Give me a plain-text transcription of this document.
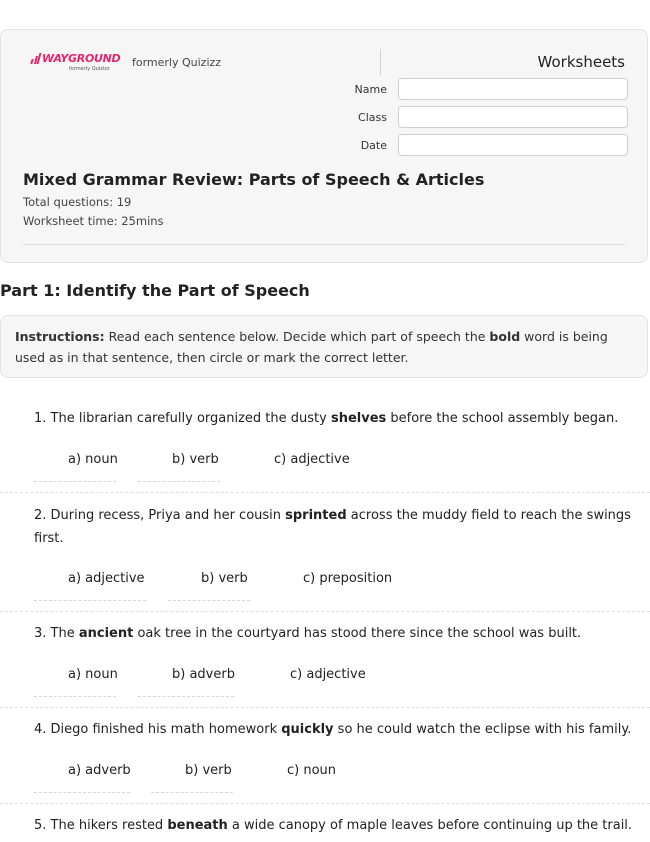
WAYGROUND
formerly Quizizz	formerly Quizizz	Worksheets
Name
Class
Date
Mixed Grammar Review: Parts of Speech & Articles
Total questions: 19
Worksheet time: 25mins
Part 1: Identify the Part of Speech
Instructions: Read each sentence below. Decide which part of speech the bold word is being used as in that sentence, then circle or mark the correct letter.
1. The librarian carefully organized the dusty shelves before the school assembly began.
a) noun	b) verb	c) adjective
2. During recess, Priya and her cousin sprinted across the muddy field to reach the swings first.
a) adjective	b) verb	c) preposition
3. The ancient oak tree in the courtyard has stood there since the school was built.
a) noun	b) adverb	c) adjective
4. Diego finished his math homework quickly so he could watch the eclipse with his family.
a) adverb	b) verb	c) noun
5. The hikers rested beneath a wide canopy of maple leaves before continuing up the trail.
